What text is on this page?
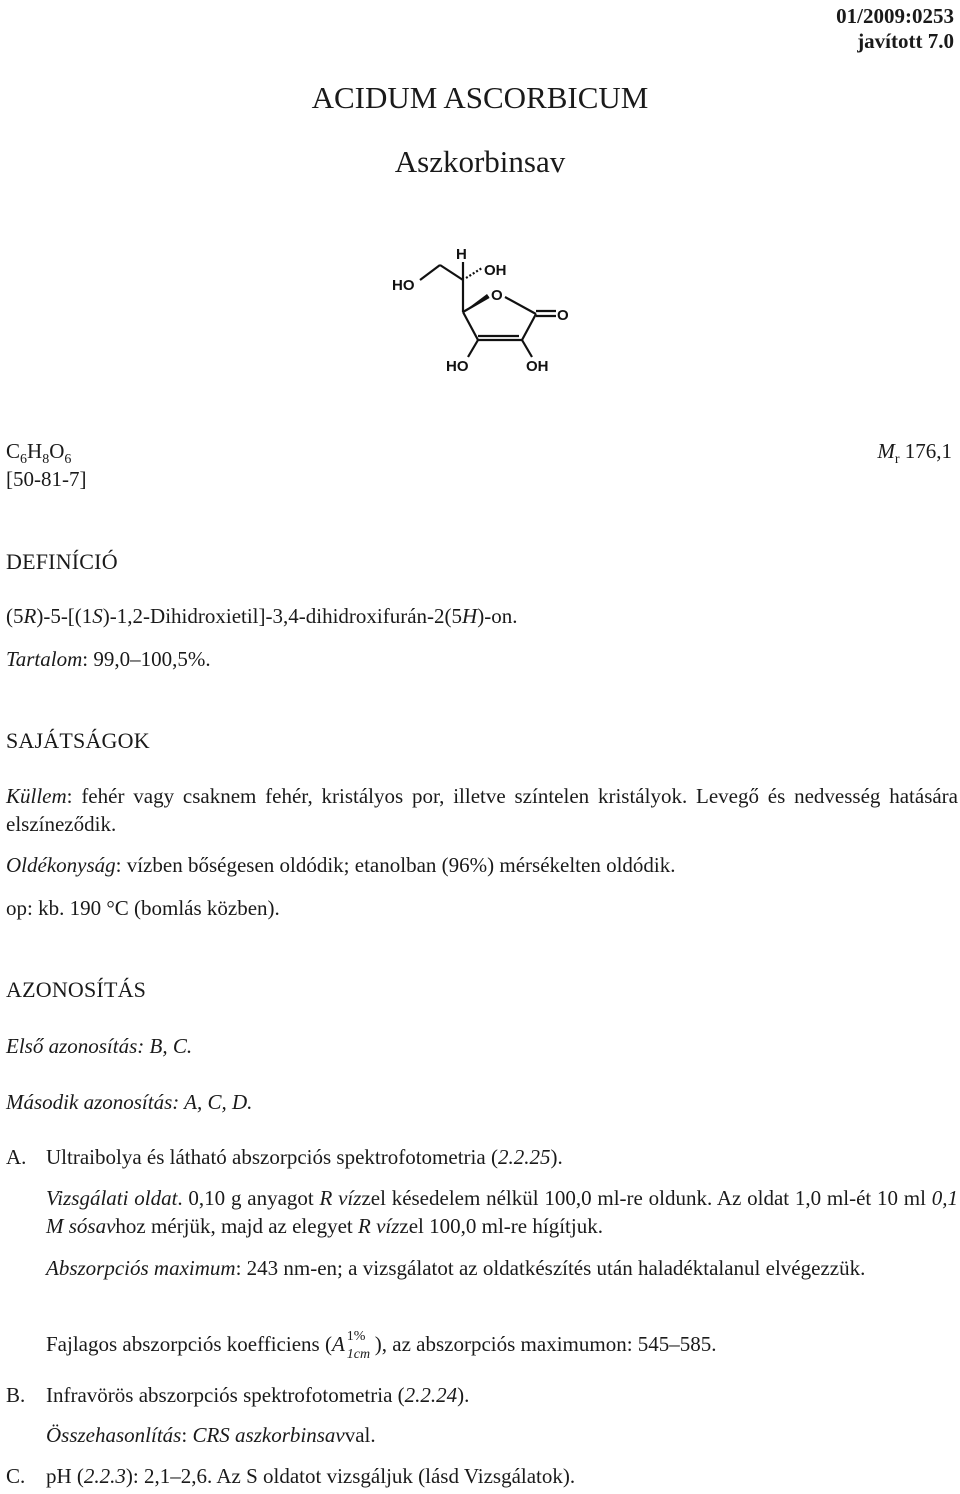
01/2009:0253
javított 7.0
ACIDUM ASCORBICUM
Aszkorbinsav
H
OH
HO
O
O
HO	OH
$C_6H_8O_6$	$M_r$ 176,1
[50-81-7]
DEFINÍCIÓ
(5R)-5-[(1S)-1,2-Dihidroxietil]-3,4-dihidroxifurán-2(5H)-on.
Tartalom: 99,0–100,5%.
SAJÁTSÁGOK
Küllem: fehér vagy csaknem fehér, kristályos por, illetve színtelen kristályok. Levegő és nedvesség hatására elszíneződik.
Oldékonyság: vízben bőségesen oldódik; etanolban (96%) mérsékelten oldódik.
op: kb. 190 °C (bomlás közben).
AZONOSÍTÁS
Első azonosítás: B, C.
Második azonosítás: A, C, D.
A. Ultraibolya és látható abszorpciós spektrofotometria (2.2.25).
Vizsgálati oldat. 0,10 g anyagot R vízzel késedelem nélkül 100,0 ml-re oldunk. Az oldat 1,0 ml-ét 10 ml 0,1 M sósavhoz mérjük, majd az elegyet R vízzel 100,0 ml-re hígítjuk.
Abszorpciós maximum: 243 nm-en; a vizsgálatot az oldatkészítés után haladéktalanul elvégezzük.
Fajlagos abszorpciós koefficiens (A 1%
1cm ), az abszorpciós maximumon: 545–585.
B. Infravörös abszorpciós spektrofotometria (2.2.24).
Összehasonlítás: CRS aszkorbinsavval.
C. pH (2.2.3): 2,1–2,6. Az S oldatot vizsgáljuk (lásd Vizsgálatok).
